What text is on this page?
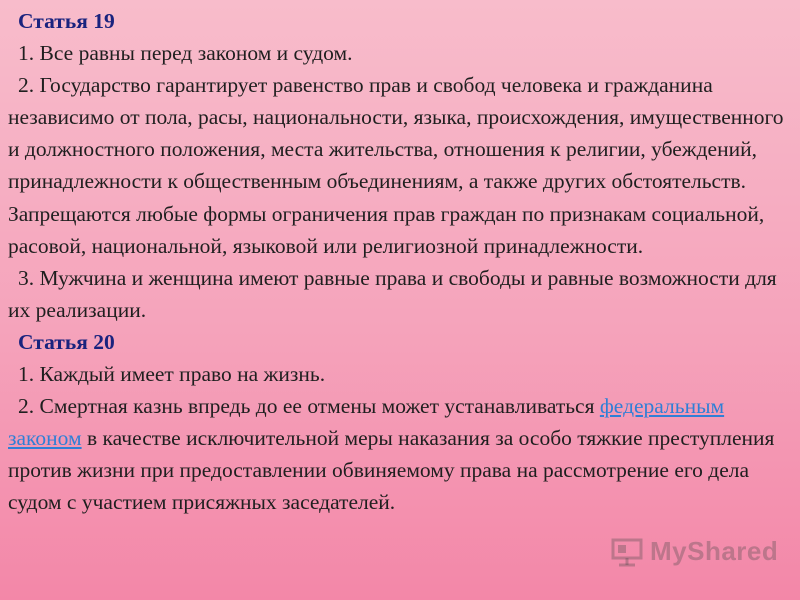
Статья 19
1. Все равны перед законом и судом.
2. Государство гарантирует равенство прав и свобод человека и гражданина независимо от пола, расы, национальности, языка, происхождения, имущественного и должностного положения, места жительства, отношения к религии, убеждений, принадлежности к общественным объединениям, а также других обстоятельств. Запрещаются любые формы ограничения прав граждан по признакам социальной, расовой, национальной, языковой или религиозной принадлежности.
3. Мужчина и женщина имеют равные права и свободы и равные возможности для их реализации.
Статья 20
1. Каждый имеет право на жизнь.
2. Смертная казнь впредь до ее отмены может устанавливаться федеральным законом в качестве исключительной меры наказания за особо тяжкие преступления против жизни при предоставлении обвиняемому права на рассмотрение его дела судом с участием присяжных заседателей.
MyShared
